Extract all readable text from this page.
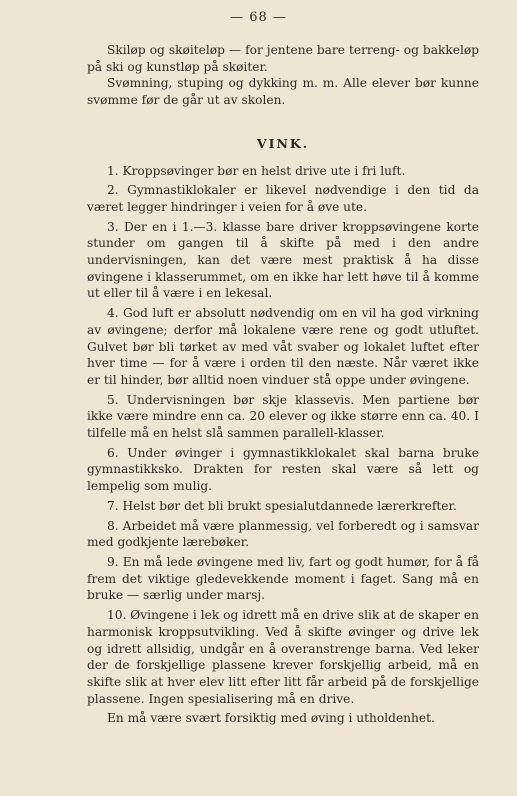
— 68 —

Skiløp og skøiteløp — for jentene bare terreng- og bakkeløp på ski og kunstløp på skøiter.

Svømning, stuping og dykking m. m. Alle elever bør kunne svømme før de går ut av skolen.

VINK.

1. Kroppsøvinger bør en helst drive ute i fri luft.

2. Gymnastiklokaler er likevel nødvendige i den tid da været legger hindringer i veien for å øve ute.

3. Der en i 1.—3. klasse bare driver kroppsøvingene korte stunder om gangen til å skifte på med i den andre undervisningen, kan det være mest praktisk å ha disse øvingene i klasserummet, om en ikke har lett høve til å komme ut eller til å være i en lekesal.

4. God luft er absolutt nødvendig om en vil ha god virkning av øvingene; derfor må lokalene være rene og godt utluftet. Gulvet bør bli tørket av med våt svaber og lokalet luftet efter hver time — for å være i orden til den næste. Når været ikke er til hinder, bør alltid noen vinduer stå oppe under øvingene.

5. Undervisningen bør skje klassevis. Men partiene bør ikke være mindre enn ca. 20 elever og ikke større enn ca. 40. I tilfelle må en helst slå sammen parallell-klasser.

6. Under øvinger i gymnastikklokalet skal barna bruke gymnastikksko. Drakten for resten skal være så lett og lempelig som mulig.

7. Helst bør det bli brukt spesialutdannede lærerkrefter.

8. Arbeidet må være planmessig, vel forberedt og i samsvar med godkjente lærebøker.

9. En må lede øvingene med liv, fart og godt humør, for å få frem det viktige gledevekkende moment i faget. Sang må en bruke — særlig under marsj.

10. Øvingene i lek og idrett må en drive slik at de skaper en harmonisk kroppsutvikling. Ved å skifte øvinger og drive lek og idrett allsidig, undgår en å overanstrenge barna. Ved leker der de forskjellige plassene krever forskjellig arbeid, må en skifte slik at hver elev litt efter litt får arbeid på de forskjellige plassene. Ingen spesialisering må en drive.

En må være svært forsiktig med øving i utholdenhet.
